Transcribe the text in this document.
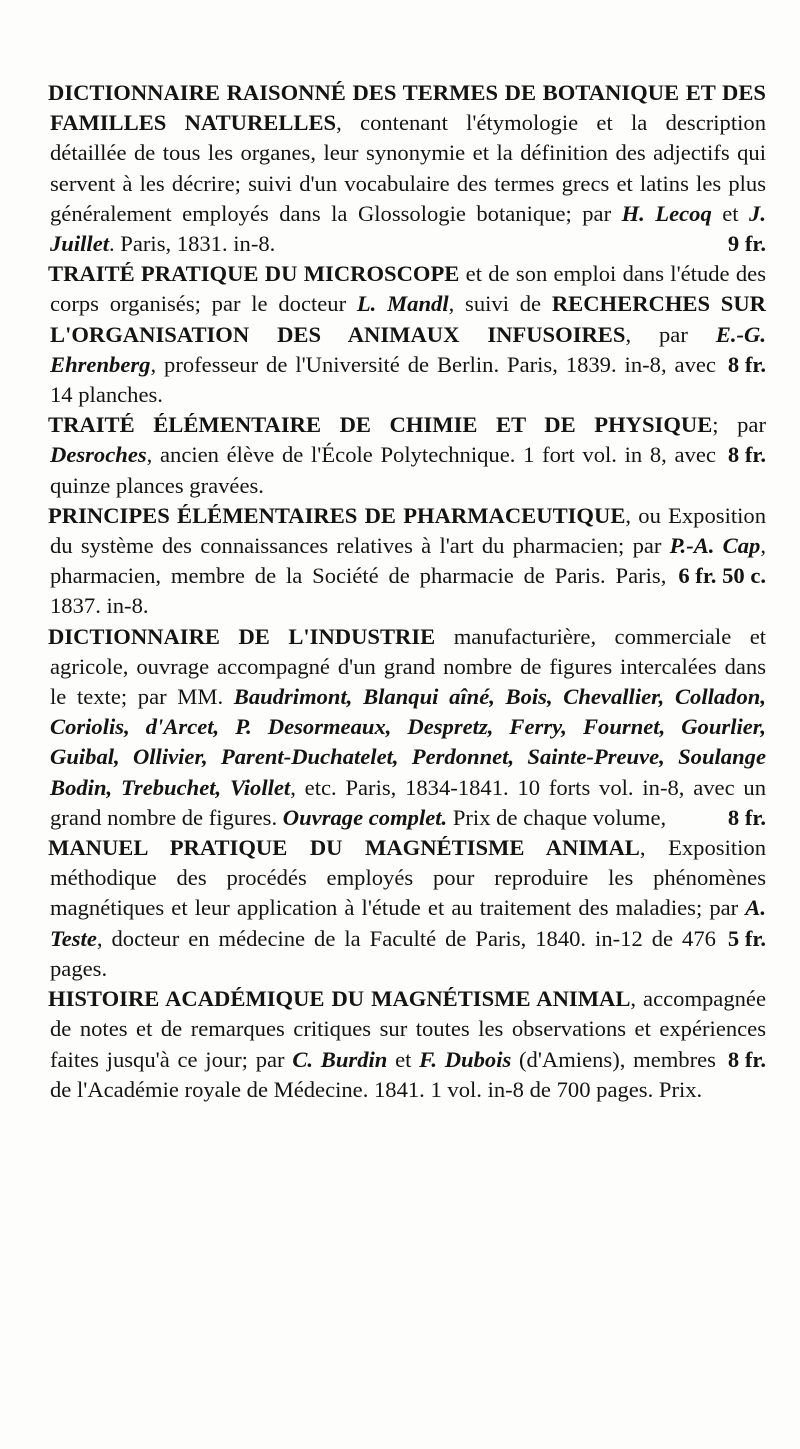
DICTIONNAIRE RAISONNÉ DES TERMES DE BOTANIQUE ET DES FAMILLES NATURELLES, contenant l'étymologie et la description détaillée de tous les organes, leur synonymie et la définition des adjectifs qui servent à les décrire; suivi d'un vocabulaire des termes grecs et latins les plus généralement employés dans la Glossologie botanique; par H. Lecoq et J. Juillet	9 fr.
. Paris, 1831. in-8.

TRAITÉ PRATIQUE DU MICROSCOPE et de son emploi dans l'étude des corps organisés; par le docteur L. Mandl, suivi de RECHERCHES SUR L'ORGANISATION DES ANIMAUX INFUSOIRES, par E.-G. Ehrenberg	8 fr.
, professeur de l'Université de Berlin. Paris, 1839. in-8, avec 14 planches.

TRAITÉ ÉLÉMENTAIRE DE CHIMIE ET DE PHYSIQUE; par Desroches	8 fr.
, ancien élève de l'École Polytechnique. 1 fort vol. in 8, avec quinze plances gravées.

PRINCIPES ÉLÉMENTAIRES DE PHARMACEUTIQUE, ou Exposition du système des connaissances relatives à l'art du pharmacien; par P.-A. Cap
6 fr. 50 c.
, pharmacien, membre de la Société de pharmacie de Paris. Paris, 1837. in-8.

DICTIONNAIRE DE L'INDUSTRIE manufacturière, commerciale et agricole, ouvrage accompagné d'un grand nombre de figures intercalées dans le texte; par MM. Baudrimont, Blanqui aîné, Bois, Chevallier, Colladon, Coriolis, d'Arcet, P. Desormeaux, Despretz, Ferry, Fournet, Gourlier, Guibal, Ollivier, Parent-Duchatelet, Perdonnet, Sainte-Preuve, Soulange Bodin, Trebuchet, Viollet, etc. Paris, 1834-1841. 10 forts vol. in-8, avec un grand nombre de figures. Ouvrage complet.	8 fr.
Prix de chaque volume,

MANUEL PRATIQUE DU MAGNÉTISME ANIMAL, Exposition méthodique des procédés employés pour reproduire les phénomènes magnétiques et leur application à l'étude et au traitement des maladies; par A. Teste	5 fr.
, docteur en médecine de la Faculté de Paris, 1840. in-12 de 476 pages.

HISTOIRE ACADÉMIQUE DU MAGNÉTISME ANIMAL, accompagnée de notes et de remarques critiques sur toutes les observations et expériences faites jusqu'à ce jour; par C. Burdin et F. Dubois	8 fr.
(d'Amiens), membres de l'Académie royale de Médecine. 1841. 1 vol. in-8 de 700 pages. Prix.
